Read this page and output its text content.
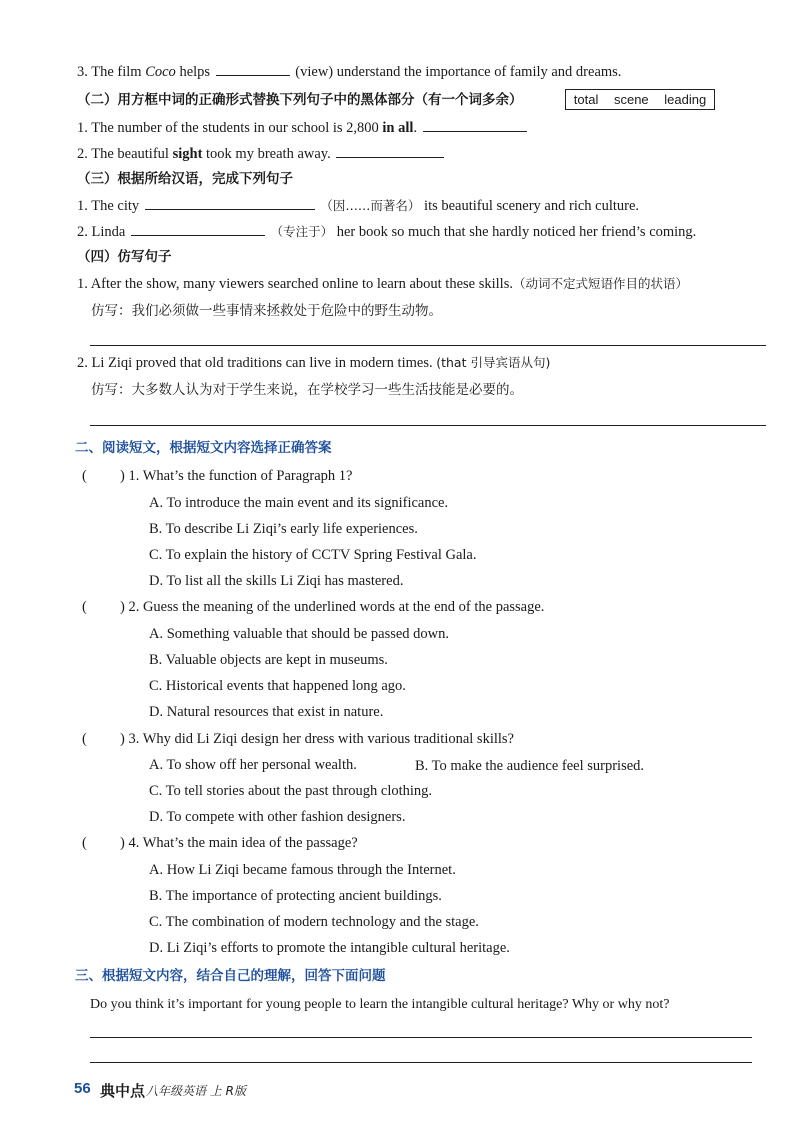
3. The film Coco helps	(view) understand the importance of family and dreams.
（二）用方框中词的正确形式替换下列句子中的黑体部分（有一个词多余）	total scene leading
1. The number of the students in our school is 2,800 in all.
2. The beautiful sight took my breath away.
（三）根据所给汉语，完成下列句子
1. The city	（因……而著名） its beautiful scenery and rich culture.
2. Linda	（专注于） her book so much that she hardly noticed her friend’s coming.
（四）仿写句子
1. After the show, many viewers searched online to learn about these skills.（动词不定式短语作目的状语）
仿写：我们必须做一些事情来拯救处于危险中的野生动物。
2. Li Ziqi proved that old traditions can live in modern times. (that 引导宾语从句)
仿写：大多数人认为对于学生来说，在学校学习一些生活技能是必要的。
二、阅读短文，根据短文内容选择正确答案
( ) 1. What’s the function of Paragraph 1?
A. To introduce the main event and its significance.
B. To describe Li Ziqi’s early life experiences.
C. To explain the history of CCTV Spring Festival Gala.
D. To list all the skills Li Ziqi has mastered.
( ) 2. Guess the meaning of the underlined words at the end of the passage.
A. Something valuable that should be passed down.
B. Valuable objects are kept in museums.
C. Historical events that happened long ago.
D. Natural resources that exist in nature.
( ) 3. Why did Li Ziqi design her dress with various traditional skills?
A. To show off her personal wealth.	B. To make the audience feel surprised.
C. To tell stories about the past through clothing.
D. To compete with other fashion designers.
( ) 4. What’s the main idea of the passage?
A. How Li Ziqi became famous through the Internet.
B. The importance of protecting ancient buildings.
C. The combination of modern technology and the stage.
D. Li Ziqi’s efforts to promote the intangible cultural heritage.
三、根据短文内容，结合自己的理解，回答下面问题
Do you think it’s important for young people to learn the intangible cultural heritage? Why or why not?
56 典中点 八年级英语 上 R版
